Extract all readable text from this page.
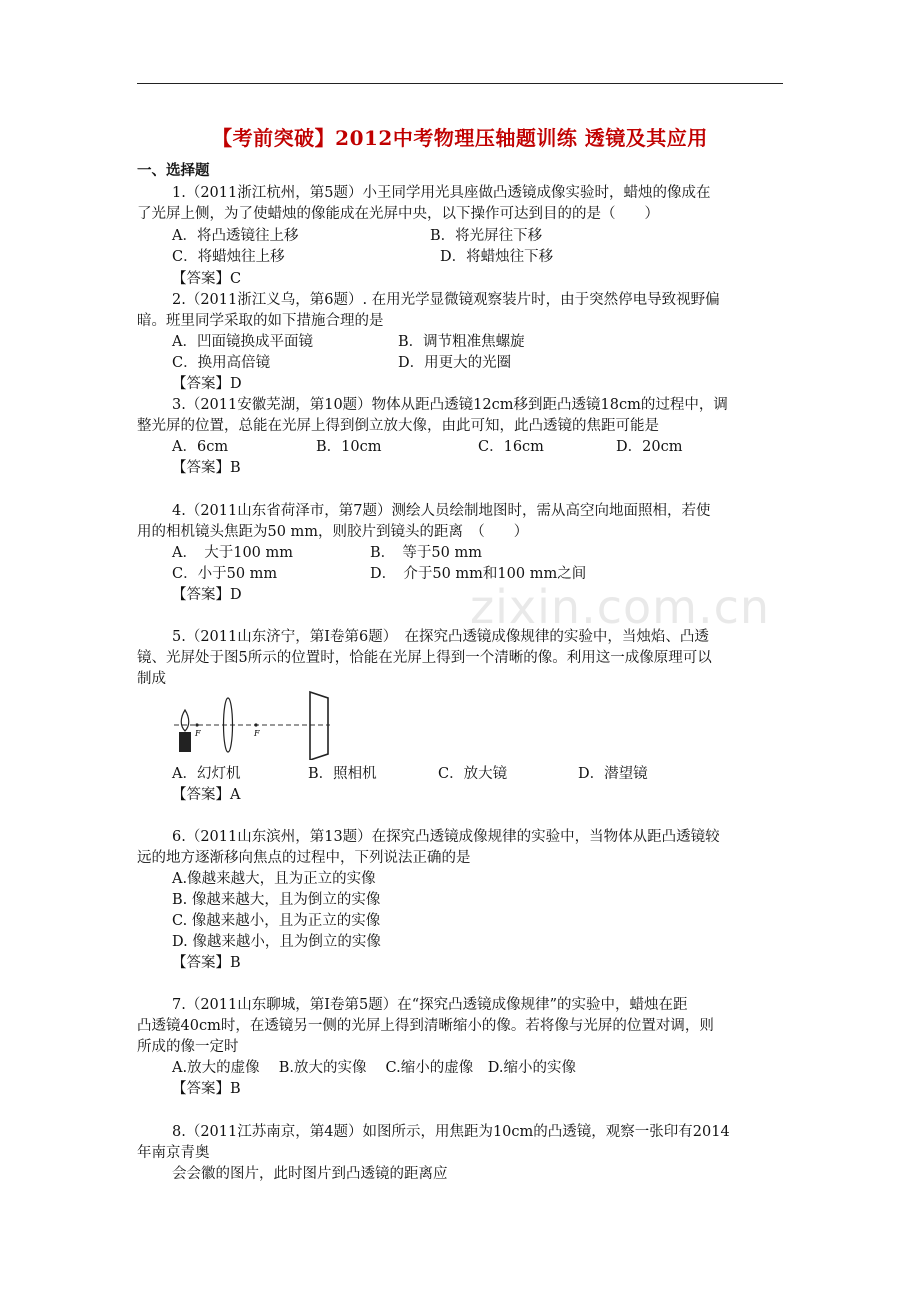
zixin.com.cn
【考前突破】2012中考物理压轴题训练 透镜及其应用
一、选择题
1.（2011浙江杭州，第5题）小王同学用光具座做凸透镜成像实验时，蜡烛的像成在
了光屏上侧，为了使蜡烛的像能成在光屏中央，以下操作可达到目的的是（　　）
A．将凸透镜往上移	B．将光屏往下移
C．将蜡烛往上移	D．将蜡烛往下移
【答案】C
2.（2011浙江义乌，第6题）. 在用光学显微镜观察装片时，由于突然停电导致视野偏
暗。班里同学采取的如下措施合理的是
A．凹面镜换成平面镜	B．调节粗准焦螺旋
C．换用高倍镜	D．用更大的光圈
【答案】D
3.（2011安徽芜湖，第10题）物体从距凸透镜12cm移到距凸透镜18cm的过程中，调
整光屏的位置，总能在光屏上得到倒立放大像，由此可知，此凸透镜的焦距可能是
A．6cm	B．10cm	C．16cm	D．20cm
【答案】B
4.（2011山东省荷泽市，第7题）测绘人员绘制地图时，需从高空向地面照相，若使
用的相机镜头焦距为50 mm，则胶片到镜头的距离　（　　）
A．　大于100 mm	B．　等于50 mm
C．小于50 mm	D．　介于50 mm和100 mm之间
【答案】D
5.（2011山东济宁，第Ⅰ卷第6题）　在探究凸透镜成像规律的实验中，当烛焰、凸透
镜、光屏处于图5所示的位置时，恰能在光屏上得到一个清晰的像。利用这一成像原理可以
制成
F	F
A．幻灯机	B．照相机	C．放大镜	D．潜望镜
【答案】A
6.（2011山东滨州，第13题）在探究凸透镜成像规律的实验中，当物体从距凸透镜较
远的地方逐渐移向焦点的过程中，下列说法正确的是
A.像越来越大，且为正立的实像
B. 像越来越大，且为倒立的实像
C. 像越来越小，且为正立的实像
D. 像越来越小，且为倒立的实像
【答案】B
7.（2011山东聊城，第Ⅰ卷第5题）在“探究凸透镜成像规律”的实验中，蜡烛在距
凸透镜40cm时，在透镜另一侧的光屏上得到清晰缩小的像。若将像与光屏的位置对调，则
所成的像一定时
A.放大的虚像　 B.放大的实像　 C.缩小的虚像　D.缩小的实像
【答案】B
8.（2011江苏南京，第4题）如图所示，用焦距为10cm的凸透镜，观察一张印有2014
年南京青奥
会会徽的图片，此时图片到凸透镜的距离应
